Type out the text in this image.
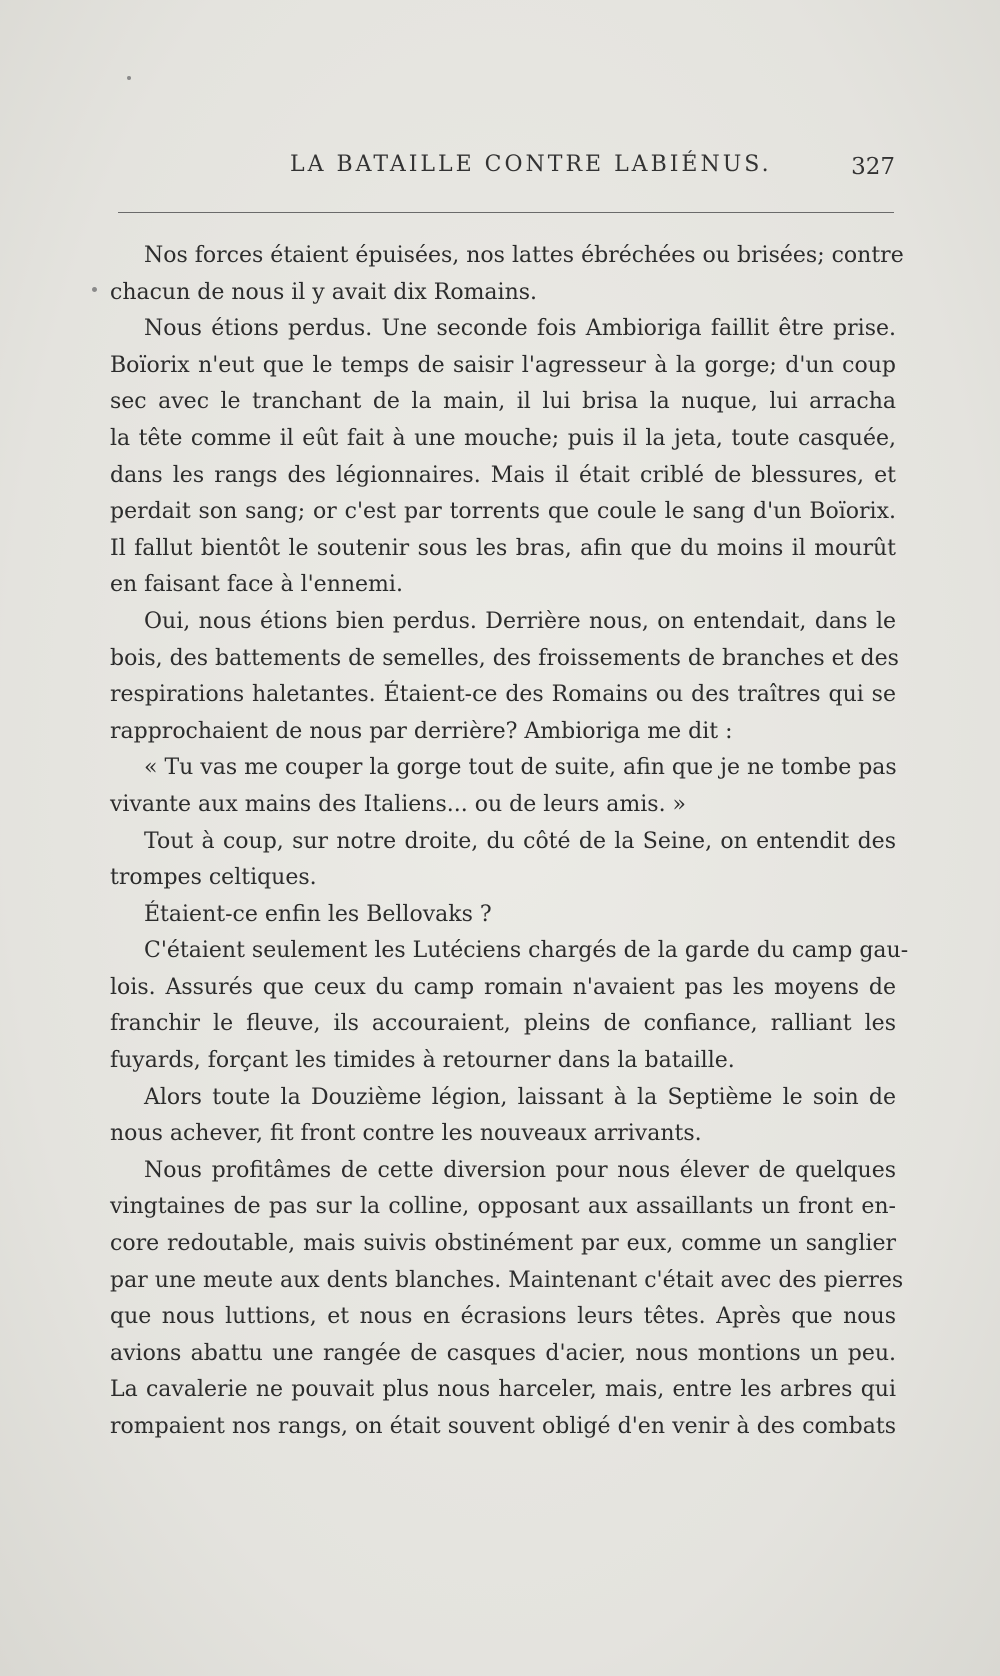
LA BATAILLE CONTRE LABIÉNUS.	327
Nos forces étaient épuisées, nos lattes ébréchées ou brisées; contre
chacun de nous il y avait dix Romains.
Nous étions perdus. Une seconde fois Ambioriga faillit être prise.
Boïorix n'eut que le temps de saisir l'agresseur à la gorge; d'un coup
sec avec le tranchant de la main, il lui brisa la nuque, lui arracha
la tête comme il eût fait à une mouche; puis il la jeta, toute casquée,
dans les rangs des légionnaires. Mais il était criblé de blessures, et
perdait son sang; or c'est par torrents que coule le sang d'un Boïorix.
Il fallut bientôt le soutenir sous les bras, afin que du moins il mourût
en faisant face à l'ennemi.
Oui, nous étions bien perdus. Derrière nous, on entendait, dans le
bois, des battements de semelles, des froissements de branches et des
respirations haletantes. Étaient-ce des Romains ou des traîtres qui se
rapprochaient de nous par derrière? Ambioriga me dit :
« Tu vas me couper la gorge tout de suite, afin que je ne tombe pas
vivante aux mains des Italiens... ou de leurs amis. »
Tout à coup, sur notre droite, du côté de la Seine, on entendit des
trompes celtiques.
Étaient-ce enfin les Bellovaks ?
C'étaient seulement les Lutéciens chargés de la garde du camp gau-
lois. Assurés que ceux du camp romain n'avaient pas les moyens de
franchir le fleuve, ils accouraient, pleins de confiance, ralliant les
fuyards, forçant les timides à retourner dans la bataille.
Alors toute la Douzième légion, laissant à la Septième le soin de
nous achever, fit front contre les nouveaux arrivants.
Nous profitâmes de cette diversion pour nous élever de quelques
vingtaines de pas sur la colline, opposant aux assaillants un front en-
core redoutable, mais suivis obstinément par eux, comme un sanglier
par une meute aux dents blanches. Maintenant c'était avec des pierres
que nous luttions, et nous en écrasions leurs têtes. Après que nous
avions abattu une rangée de casques d'acier, nous montions un peu.
La cavalerie ne pouvait plus nous harceler, mais, entre les arbres qui
rompaient nos rangs, on était souvent obligé d'en venir à des combats
